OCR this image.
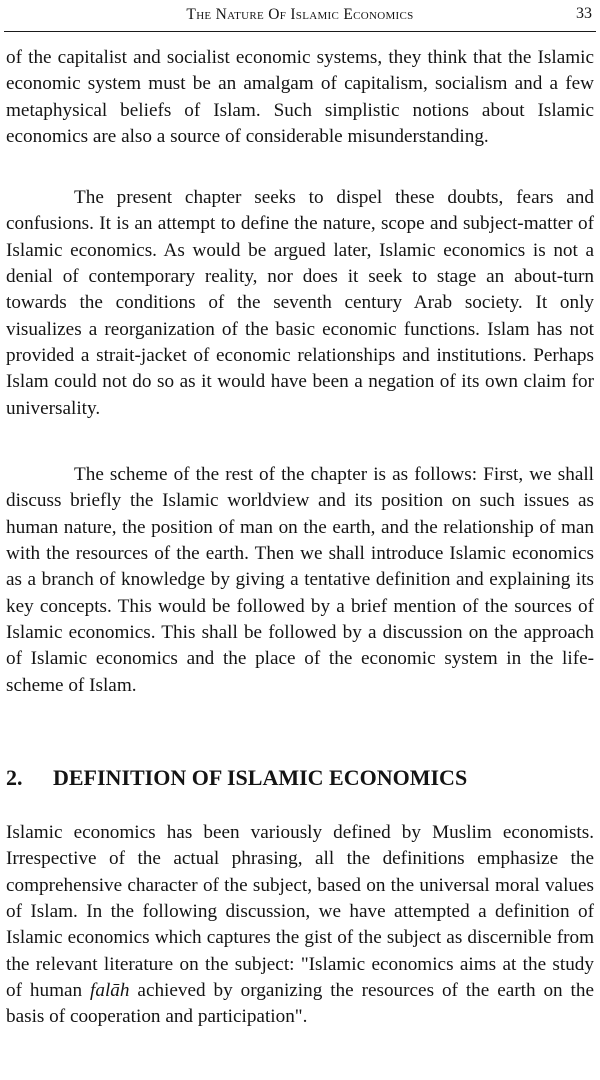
The Nature Of Islamic Economics	33

of the capitalist and socialist economic systems, they think that the Islamic economic system must be an amalgam of capitalism, socialism and a few metaphysical beliefs of Islam. Such simplistic notions about Islamic economics are also a source of considerable misunderstanding.

The present chapter seeks to dispel these doubts, fears and confusions. It is an attempt to define the nature, scope and subject-matter of Islamic economics. As would be argued later, Islamic economics is not a denial of contemporary reality, nor does it seek to stage an about-turn towards the conditions of the seventh century Arab society. It only visualizes a reorganization of the basic economic functions. Islam has not provided a strait-jacket of economic relationships and institutions. Perhaps Islam could not do so as it would have been a negation of its own claim for universality.

The scheme of the rest of the chapter is as follows: First, we shall discuss briefly the Islamic worldview and its position on such issues as human nature, the position of man on the earth, and the relationship of man with the resources of the earth. Then we shall introduce Islamic economics as a branch of knowledge by giving a tentative definition and explaining its key concepts. This would be followed by a brief mention of the sources of Islamic economics. This shall be followed by a discussion on the approach of Islamic economics and the place of the economic system in the life-scheme of Islam.

2. DEFINITION OF ISLAMIC ECONOMICS

Islamic economics has been variously defined by Muslim economists. Irrespective of the actual phrasing, all the definitions emphasize the comprehensive character of the subject, based on the universal moral values of Islam. In the following discussion, we have attempted a definition of Islamic economics which captures the gist of the subject as discernible from the relevant literature on the subject: "Islamic economics aims at the study of human falāh achieved by organizing the resources of the earth on the basis of cooperation and participation".
